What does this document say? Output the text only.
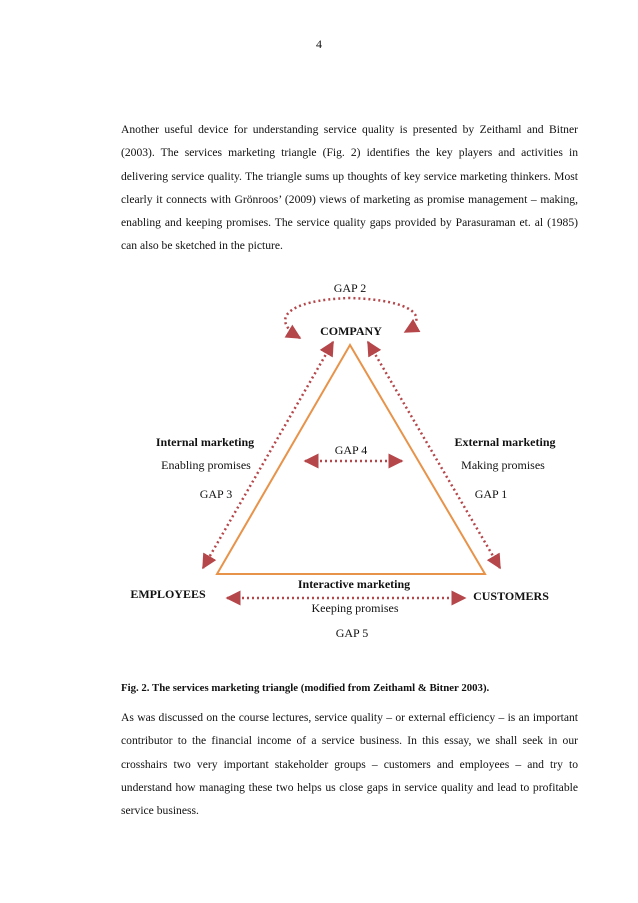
4

Another useful device for understanding service quality is presented by Zeithaml and Bitner (2003). The services marketing triangle (Fig. 2) identifies the key players and activities in delivering service quality. The triangle sums up thoughts of key service marketing thinkers. Most clearly it connects with Grönroos’ (2009) views of marketing as promise management – making, enabling and keeping promises. The service quality gaps provided by Parasuraman et. al (1985) can also be sketched in the picture.

GAP 2
COMPANY
Internal marketing
Enabling promises
External marketing
Making promises
GAP 4
GAP 3	GAP 1
EMPLOYEES	CUSTOMERS
Interactive marketing
Keeping promises
GAP 5

Fig. 2. The services marketing triangle (modified from Zeithaml & Bitner 2003).

As was discussed on the course lectures, service quality – or external efficiency – is an important contributor to the financial income of a service business. In this essay, we shall seek in our crosshairs two very important stakeholder groups – customers and employees – and try to understand how managing these two helps us close gaps in service quality and lead to profitable service business.
